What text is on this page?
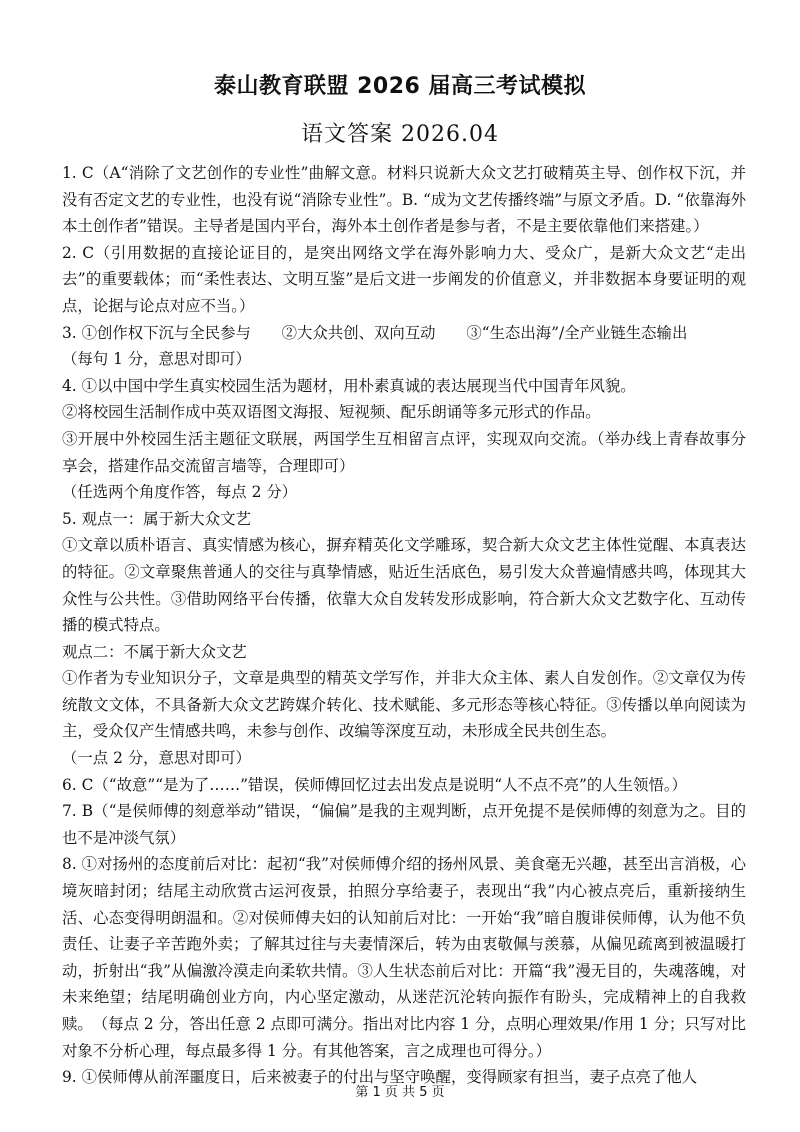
泰山教育联盟 2026 届高三考试模拟
语文答案 2026.04

1. C（A“消除了文艺创作的专业性”曲解文意。材料只说新大众文艺打破精英主导、创作权下沉，并没有否定文艺的专业性，也没有说“消除专业性”。B. “成为文艺传播终端”与原文矛盾。D. “依靠海外本土创作者”错误。主导者是国内平台，海外本土创作者是参与者，不是主要依靠他们来搭建。）

2. C（引用数据的直接论证目的，是突出网络文学在海外影响力大、受众广，是新大众文艺“走出去”的重要载体；而“柔性表达、文明互鉴”是后文进一步阐发的价值意义，并非数据本身要证明的观点，论据与论点对应不当。）

3. ①创作权下沉与全民参与　　②大众共创、双向互动　　③“生态出海”/全产业链生态输出

（每句 1 分，意思对即可）

4. ①以中国中学生真实校园生活为题材，用朴素真诚的表达展现当代中国青年风貌。

②将校园生活制作成中英双语图文海报、短视频、配乐朗诵等多元形式的作品。

③开展中外校园生活主题征文联展，两国学生互相留言点评，实现双向交流。（举办线上青春故事分享会，搭建作品交流留言墙等，合理即可）

（任选两个角度作答，每点 2 分）

5. 观点一：属于新大众文艺

①文章以质朴语言、真实情感为核心，摒弃精英化文学雕琢，契合新大众文艺主体性觉醒、本真表达的特征。②文章聚焦普通人的交往与真挚情感，贴近生活底色，易引发大众普遍情感共鸣，体现其大众性与公共性。③借助网络平台传播，依靠大众自发转发形成影响，符合新大众文艺数字化、互动传播的模式特点。

观点二：不属于新大众文艺

①作者为专业知识分子，文章是典型的精英文学写作，并非大众主体、素人自发创作。②文章仅为传统散文文体，不具备新大众文艺跨媒介转化、技术赋能、多元形态等核心特征。③传播以单向阅读为主，受众仅产生情感共鸣，未参与创作、改编等深度互动，未形成全民共创生态。

（一点 2 分，意思对即可）

6. C（“故意”“是为了……”错误，侯师傅回忆过去出发点是说明“人不点不亮”的人生领悟。）

7. B（“是侯师傅的刻意举动”错误，“偏偏”是我的主观判断，点开免提不是侯师傅的刻意为之。目的也不是冲淡气氛）

8. ①对扬州的态度前后对比：起初“我”对侯师傅介绍的扬州风景、美食毫无兴趣，甚至出言消极，心境灰暗封闭；结尾主动欣赏古运河夜景，拍照分享给妻子，表现出“我”内心被点亮后，重新接纳生活、心态变得明朗温和。②对侯师傅夫妇的认知前后对比：一开始“我”暗自腹诽侯师傅，认为他不负责任、让妻子辛苦跑外卖；了解其过往与夫妻情深后，转为由衷敬佩与羡慕，从偏见疏离到被温暖打动，折射出“我”从偏激冷漠走向柔软共情。③人生状态前后对比：开篇“我”漫无目的，失魂落魄，对未来绝望；结尾明确创业方向，内心坚定激动，从迷茫沉沦转向振作有盼头，完成精神上的自我救赎。　（每点 2 分，答出任意 2 点即可满分。指出对比内容 1 分，点明心理效果/作用 1 分；只写对比对象不分析心理，每点最多得 1 分。有其他答案，言之成理也可得分。）

9. ①侯师傅从前浑噩度日，后来被妻子的付出与坚守唤醒，变得顾家有担当，妻子点亮了他人

第 1 页 共 5 页
